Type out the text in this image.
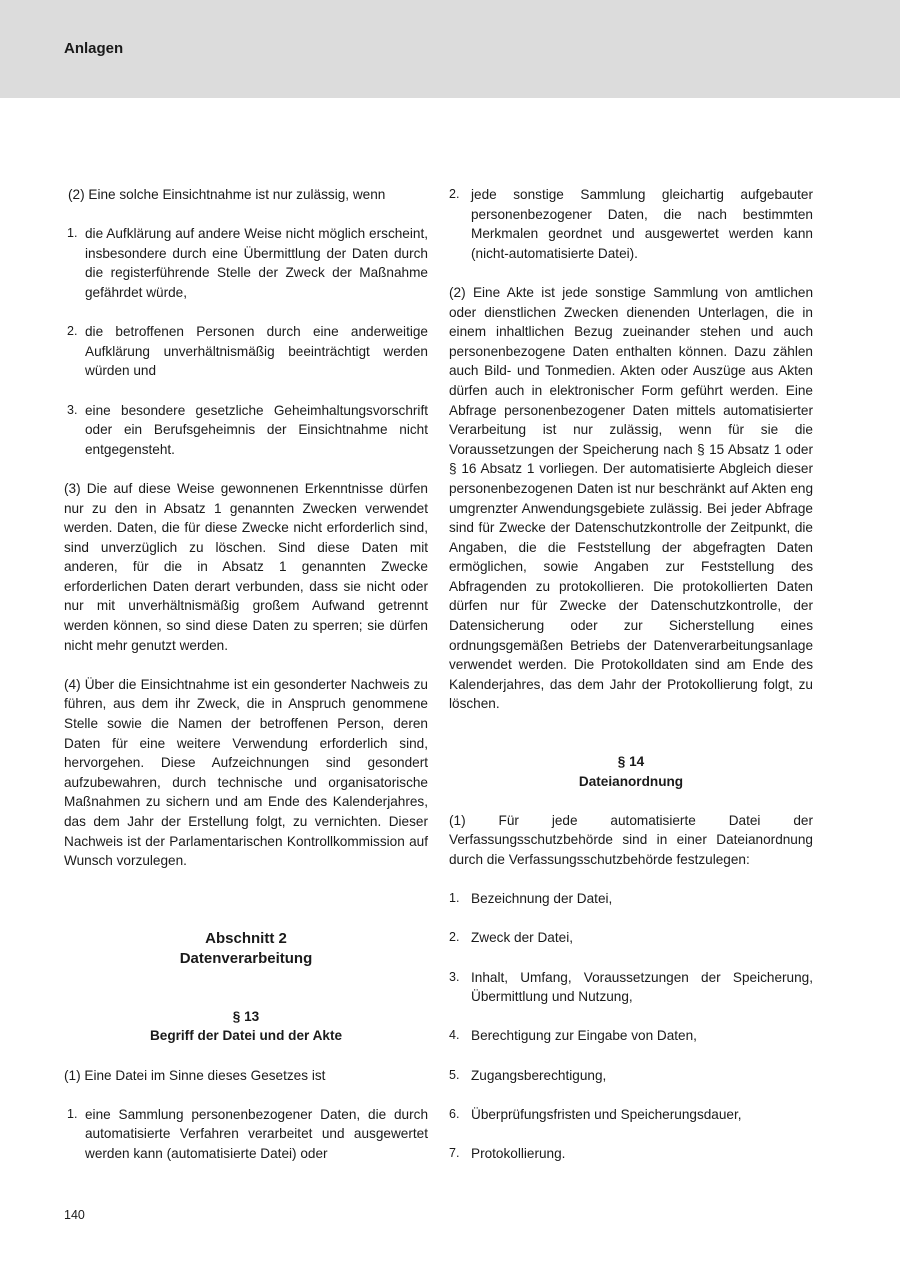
Anlagen

(2) Eine solche Einsichtnahme ist nur zulässig, wenn

1. die Aufklärung auf andere Weise nicht möglich erscheint, insbesondere durch eine Übermittlung der Daten durch die registerführende Stelle der Zweck der Maßnahme gefährdet würde,
2. die betroffenen Personen durch eine anderweitige Aufklärung unverhältnismäßig beeinträchtigt werden würden und
3. eine besondere gesetzliche Geheimhaltungsvorschrift oder ein Berufsgeheimnis der Einsichtnahme nicht entgegensteht.

(3) Die auf diese Weise gewonnenen Erkenntnisse dürfen nur zu den in Absatz 1 genannten Zwecken verwendet werden. Daten, die für diese Zwecke nicht erforderlich sind, sind unverzüglich zu löschen. Sind diese Daten mit anderen, für die in Absatz 1 genannten Zwecke erforderlichen Daten derart verbunden, dass sie nicht oder nur mit unverhältnismäßig großem Aufwand getrennt werden können, so sind diese Daten zu sperren; sie dürfen nicht mehr genutzt werden.

(4) Über die Einsichtnahme ist ein gesonderter Nachweis zu führen, aus dem ihr Zweck, die in Anspruch genommene Stelle sowie die Namen der betroffenen Person, deren Daten für eine weitere Verwendung erforderlich sind, hervorgehen. Diese Aufzeichnungen sind gesondert aufzubewahren, durch technische und organisatorische Maßnahmen zu sichern und am Ende des Kalenderjahres, das dem Jahr der Erstellung folgt, zu vernichten. Dieser Nachweis ist der Parlamentarischen Kontrollkommission auf Wunsch vorzulegen.

Abschnitt 2
Datenverarbeitung
§ 13
Begriff der Datei und der Akte

(1) Eine Datei im Sinne dieses Gesetzes ist

1. eine Sammlung personenbezogener Daten, die durch automatisierte Verfahren verarbeitet und ausgewertet werden kann (automatisierte Datei) oder
2. jede sonstige Sammlung gleichartig aufgebauter personenbezogener Daten, die nach bestimmten Merkmalen geordnet und ausgewertet werden kann (nicht-automatisierte Datei).

(2) Eine Akte ist jede sonstige Sammlung von amtlichen oder dienstlichen Zwecken dienenden Unterlagen, die in einem inhaltlichen Bezug zueinander stehen und auch personenbezogene Daten enthalten können. Dazu zählen auch Bild- und Tonmedien. Akten oder Auszüge aus Akten dürfen auch in elektronischer Form geführt werden. Eine Abfrage personenbezogener Daten mittels automatisierter Verarbeitung ist nur zulässig, wenn für sie die Voraussetzungen der Speicherung nach § 15 Absatz 1 oder § 16 Absatz 1 vorliegen. Der automatisierte Abgleich dieser personenbezogenen Daten ist nur beschränkt auf Akten eng umgrenzter Anwendungsgebiete zulässig. Bei jeder Abfrage sind für Zwecke der Datenschutzkontrolle der Zeitpunkt, die Angaben, die die Feststellung der abgefragten Daten ermöglichen, sowie Angaben zur Feststellung des Abfragenden zu protokollieren. Die protokollierten Daten dürfen nur für Zwecke der Datenschutzkontrolle, der Datensicherung oder zur Sicherstellung eines ordnungsgemäßen Betriebs der Datenverarbeitungsanlage verwendet werden. Die Protokolldaten sind am Ende des Kalenderjahres, das dem Jahr der Protokollierung folgt, zu löschen.

§ 14
Dateianordnung

(1) Für jede automatisierte Datei der Verfassungsschutzbehörde sind in einer Dateianordnung durch die Verfassungsschutzbehörde festzulegen:

1. Bezeichnung der Datei,
2. Zweck der Datei,
3. Inhalt, Umfang, Voraussetzungen der Speicherung, Übermittlung und Nutzung,
4. Berechtigung zur Eingabe von Daten,
5. Zugangsberechtigung,
6. Überprüfungsfristen und Speicherungsdauer,
7. Protokollierung.
140
